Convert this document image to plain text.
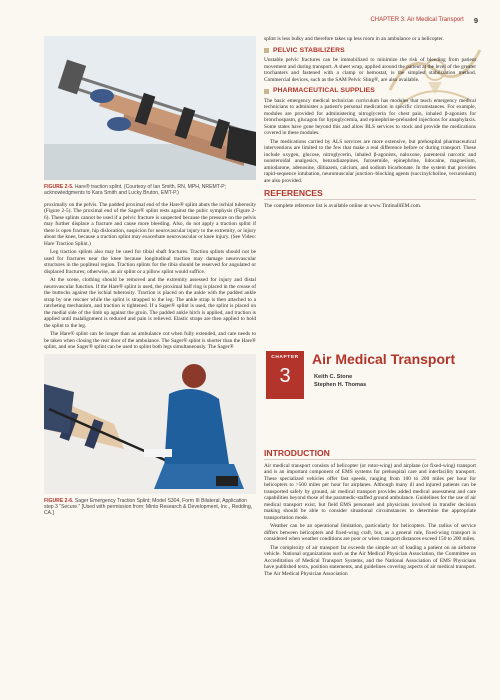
CHAPTER 3: Air Medical Transport 9
FIGURE 2-5. Hare® traction splint. (Courtesy of Ian Smith, RN, MPH, NREMT-P; acknowledgments to Kara Smith and Lucky Bruton, EMT-P.)

proximally on the pelvis. The padded proximal end of the Hare® splint abuts the ischial tuberosity (Figure 2-5). The proximal end of the Sager® splint rests against the pubic symphysis (Figure 2-6). These splints cannot be used if a pelvic fracture is suspected because the pressure on the pelvis may further displace a fracture and cause more bleeding. Also, do not apply a traction splint if there is open fracture, hip dislocation, suspicion for neurovascular injury to the extremity, or injury about the knee, because a traction splint may exacerbate neurovascular or knee injury. (See Video: Hare Traction Splint.)

Leg traction splints also may be used for tibial shaft fractures. Traction splints should not be used for fractures near the knee because longitudinal traction may damage neurovascular structures in the popliteal region. Traction splints for the tibia should be reserved for angulated or displaced fractures; otherwise, an air splint or a pillow splint would suffice.

At the scene, clothing should be removed and the extremity assessed for injury and distal neurovascular function. If the Hare® splint is used, the proximal half ring is placed in the crease of the buttocks against the ischial tuberosity. Traction is placed on the ankle with the padded ankle strap by one rescuer while the splint is strapped to the leg. The ankle strap is then attached to a ratcheting mechanism, and traction is tightened. If a Sager® splint is used, the splint is placed on the medial side of the limb up against the groin. The padded ankle hitch is applied, and traction is applied until malalignment is reduced and pain is relieved. Elastic straps are then applied to hold the splint to the leg.

The Hare® splint can be longer than an ambulance cot when fully extended, and care needs to be taken when closing the rear door of the ambulance. The Sager® splint is shorter than the Hare® splint, and one Sager® splint can be used to splint both legs simultaneously. The Sager®

FIGURE 2-6. Sager Emergency Traction Splint; Model S304, Form III Bilateral, Application step 3 “Secure.” [Used with permission from: Minto Research & Development, Inc., Redding, CA.]

splint is less bulky and therefore takes up less room in an ambulance or a helicopter.

PELVIC STABILIZERS

Unstable pelvic fractures can be immobilized to minimize the risk of bleeding from patient movement and during transport. A sheet wrap, applied around the patient at the level of the greater trochanters and fastened with a clamp or hemostat, is the simplest stabilization method. Commercial devices, such as the SAM Pelvic Sling®, are also available.

PHARMACEUTICAL SUPPLIES

The basic emergency medical technician curriculum has modules that teach emergency medical technicians to administer a patient's personal medication in specific circumstances. For example, modules are provided for administering nitroglycerin for chest pain, inhaled β-agonists for bronchospasm, glucagon for hypoglycemia, and epinephrine-preloaded injections for anaphylaxis. Some states have gone beyond this and allow BLS services to stock and provide the medications covered in these modules.

The medications carried by ALS services are more extensive, but prehospital pharmaceutical interventions are limited to the few that make a real difference before or during transport. These include oxygen, glucose, nitroglycerin, inhaled β-agonists, naloxone, parenteral narcotic and nonsteroidal analgesics, benzodiazepines, furosemide, epinephrine, lidocaine, magnesium, amiodarone, adenosine, diltiazem, calcium, and sodium bicarbonate. In the system that provides rapid-sequence intubation, neuromuscular junction–blocking agents (succinylcholine, vecuronium) are also provided.

REFERENCES

The complete reference list is available online at www.TintinalliEM.com.

CHAPTER
3
Air Medical Transport
Keith C. Stone
Stephen H. Thomas
INTRODUCTION

Air medical transport consists of helicopter (or rotor-wing) and airplane (or fixed-wing) transport and is an important component of EMS systems for prehospital care and interfacility transport. These specialized vehicles offer fast speeds, ranging from 100 to 200 miles per hour for helicopters to >500 miles per hour for airplanes. Although many ill and injured patients can be transported safely by ground, air medical transport provides added medical assessment and care capabilities beyond those of the paramedic-staffed ground ambulance. Guidelines for the use of air medical transport exist, but field EMS personnel and physicians involved in transfer decision making should be able to consider situational circumstances to determine the appropriate transportation mode.

Weather can be an operational limitation, particularly for helicopters. The radius of service differs between helicopters and fixed-wing craft, but, as a general rule, fixed-wing transport is considered when weather conditions are poor or when transport distances exceed 150 to 200 miles.

The complexity of air transport far exceeds the simple act of loading a patient on an airborne vehicle. National organizations such as the Air Medical Physician Association, the Committee on Accreditation of Medical Transport Systems, and the National Association of EMS Physicians have published texts, position statements, and guidelines covering aspects of air medical transport. The Air Medical Physician Association
